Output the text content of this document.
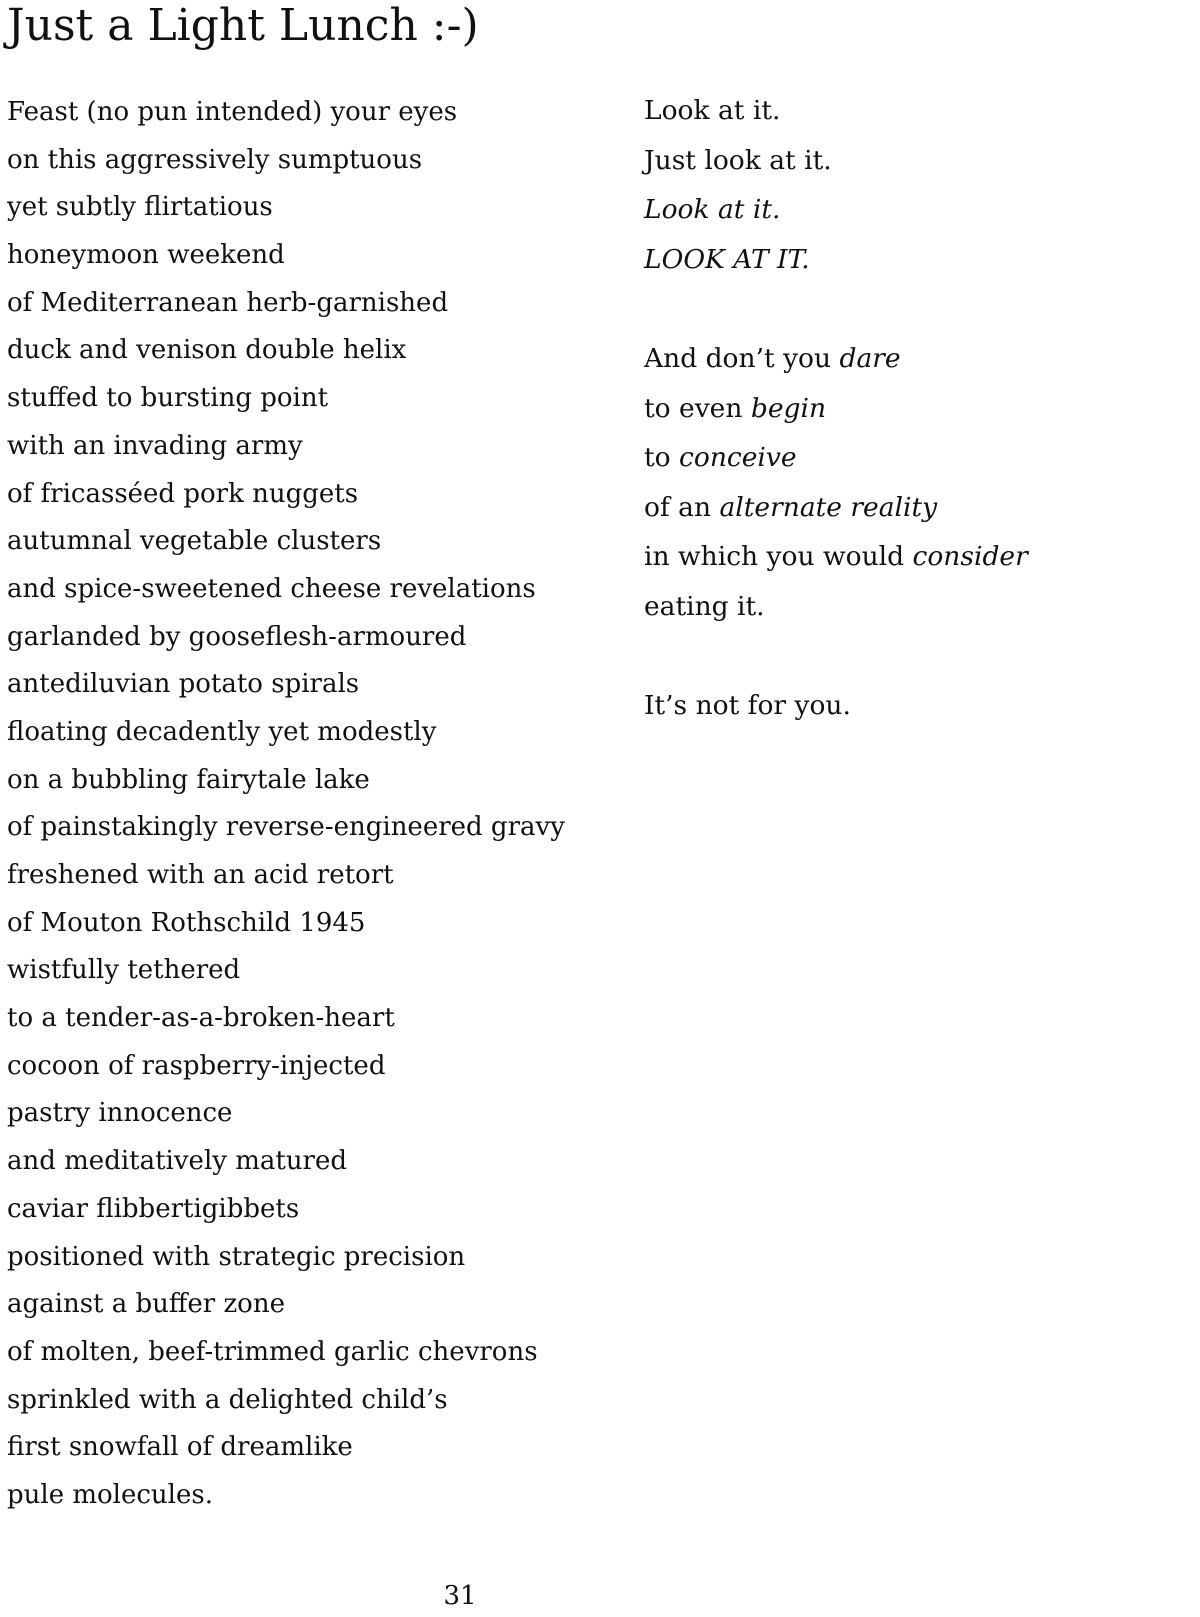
Just a Light Lunch :-)
Feast (no pun intended) your eyes
on this aggressively sumptuous
yet subtly flirtatious
honeymoon weekend
of Mediterranean herb-garnished
duck and venison double helix
stuffed to bursting point
with an invading army
of fricasséed pork nuggets
autumnal vegetable clusters
and spice-sweetened cheese revelations
garlanded by gooseflesh-armoured
antediluvian potato spirals
floating decadently yet modestly
on a bubbling fairytale lake
of painstakingly reverse-engineered gravy
freshened with an acid retort
of Mouton Rothschild 1945
wistfully tethered
to a tender-as-a-broken-heart
cocoon of raspberry-injected
pastry innocence
and meditatively matured
caviar flibbertigibbets
positioned with strategic precision
against a buffer zone
of molten, beef-trimmed garlic chevrons
sprinkled with a delighted child’s
first snowfall of dreamlike
pule molecules.
Look at it.
Just look at it.
Look at it.
LOOK AT IT.
And don’t you dare
to even begin
to conceive
of an alternate reality
in which you would consider
eating it.
It’s not for you.
31
